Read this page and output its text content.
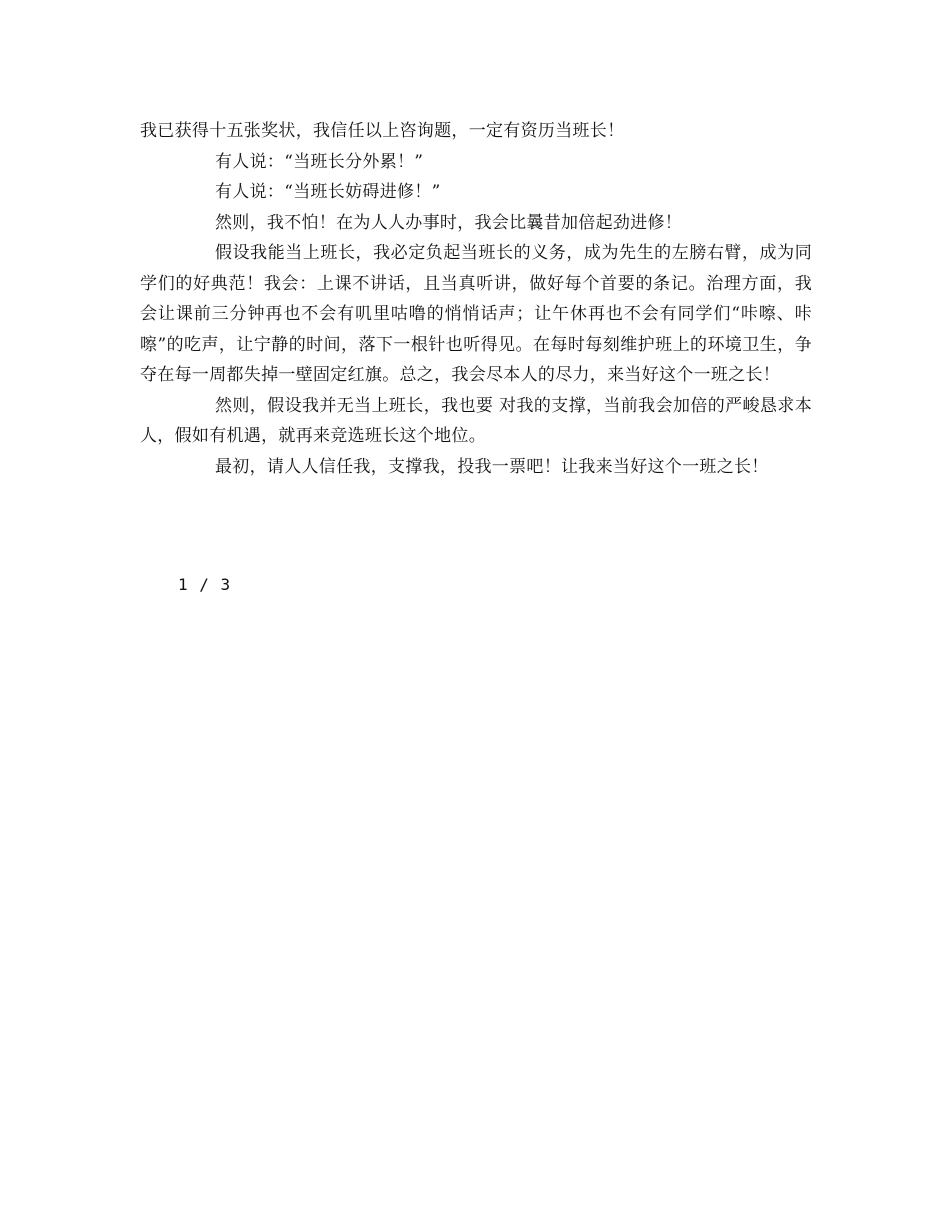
我已获得十五张奖状，我信任以上咨询题，一定有资历当班长！

有人说：“当班长分外累！”

有人说：“当班长妨碍进修！”

然则，我不怕！在为人人办事时，我会比曩昔加倍起劲进修！

假设我能当上班长，我必定负起当班长的义务，成为先生的左膀右臂，成为同学们的好典范！我会：上课不讲话，且当真听讲，做好每个首要的条记。治理方面，我会让课前三分钟再也不会有叽里咕噜的悄悄话声；让午休再也不会有同学们“咔嚓、咔嚓”的吃声，让宁静的时间，落下一根针也听得见。在每时每刻维护班上的环境卫生，争夺在每一周都失掉一壁固定红旗。总之，我会尽本人的尽力，来当好这个一班之长！

然则，假设我并无当上班长，我也要 对我的支撑，当前我会加倍的严峻恳求本人，假如有机遇，就再来竞选班长这个地位。

最初，请人人信任我，支撑我，投我一票吧！让我来当好这个一班之长！

1 / 3
